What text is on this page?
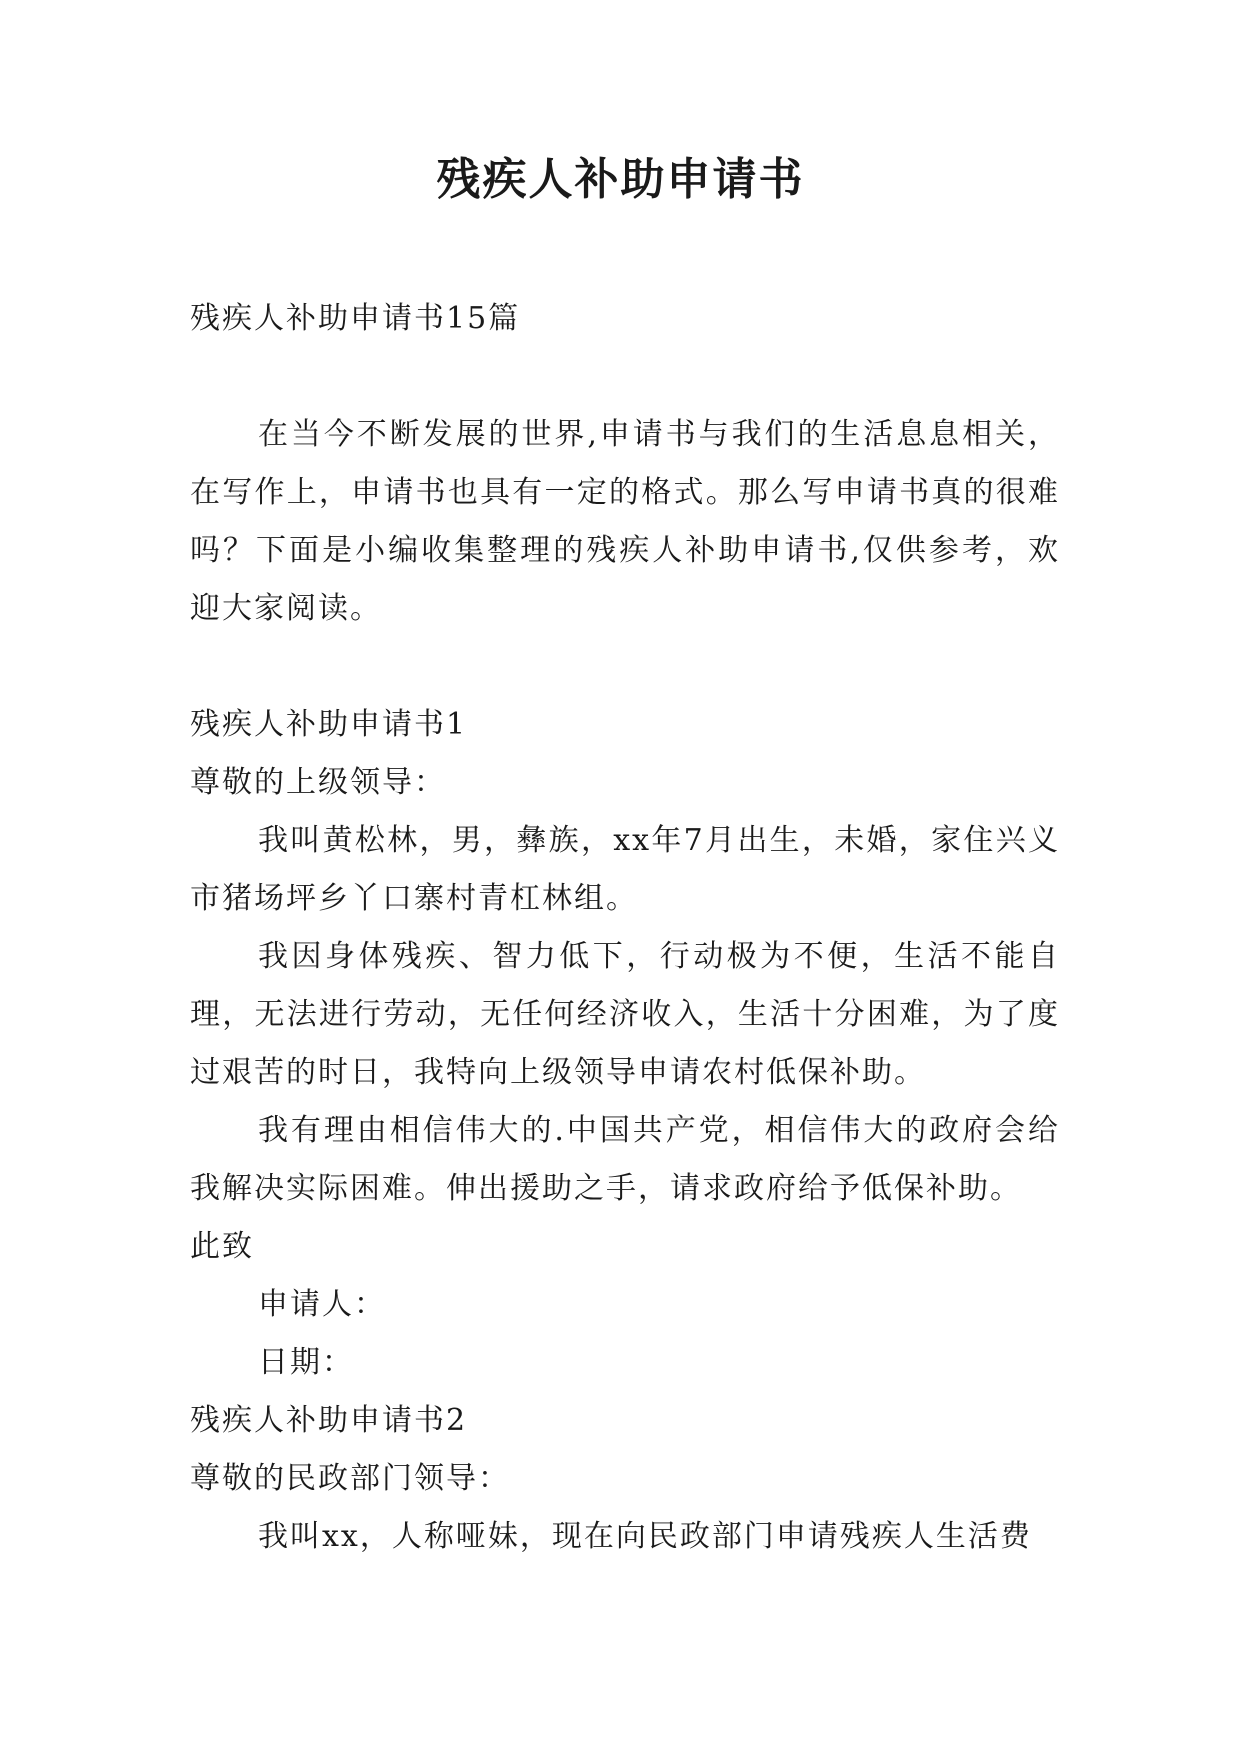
残疾人补助申请书

残疾人补助申请书15篇

在当今不断发展的世界,申请书与我们的生活息息相关，在写作上，申请书也具有一定的格式。那么写申请书真的很难吗？下面是小编收集整理的残疾人补助申请书,仅供参考，欢迎大家阅读。

残疾人补助申请书1

尊敬的上级领导：

我叫黄松林，男，彝族，xx年7月出生，未婚，家住兴义市猪场坪乡丫口寨村青杠林组。

我因身体残疾、智力低下，行动极为不便，生活不能自理，无法进行劳动，无任何经济收入，生活十分困难，为了度过艰苦的时日，我特向上级领导申请农村低保补助。

我有理由相信伟大的.中国共产党，相信伟大的政府会给我解决实际困难。伸出援助之手，请求政府给予低保补助。

此致

申请人：

日期：

残疾人补助申请书2

尊敬的民政部门领导：

我叫xx，人称哑妹，现在向民政部门申请残疾人生活费
